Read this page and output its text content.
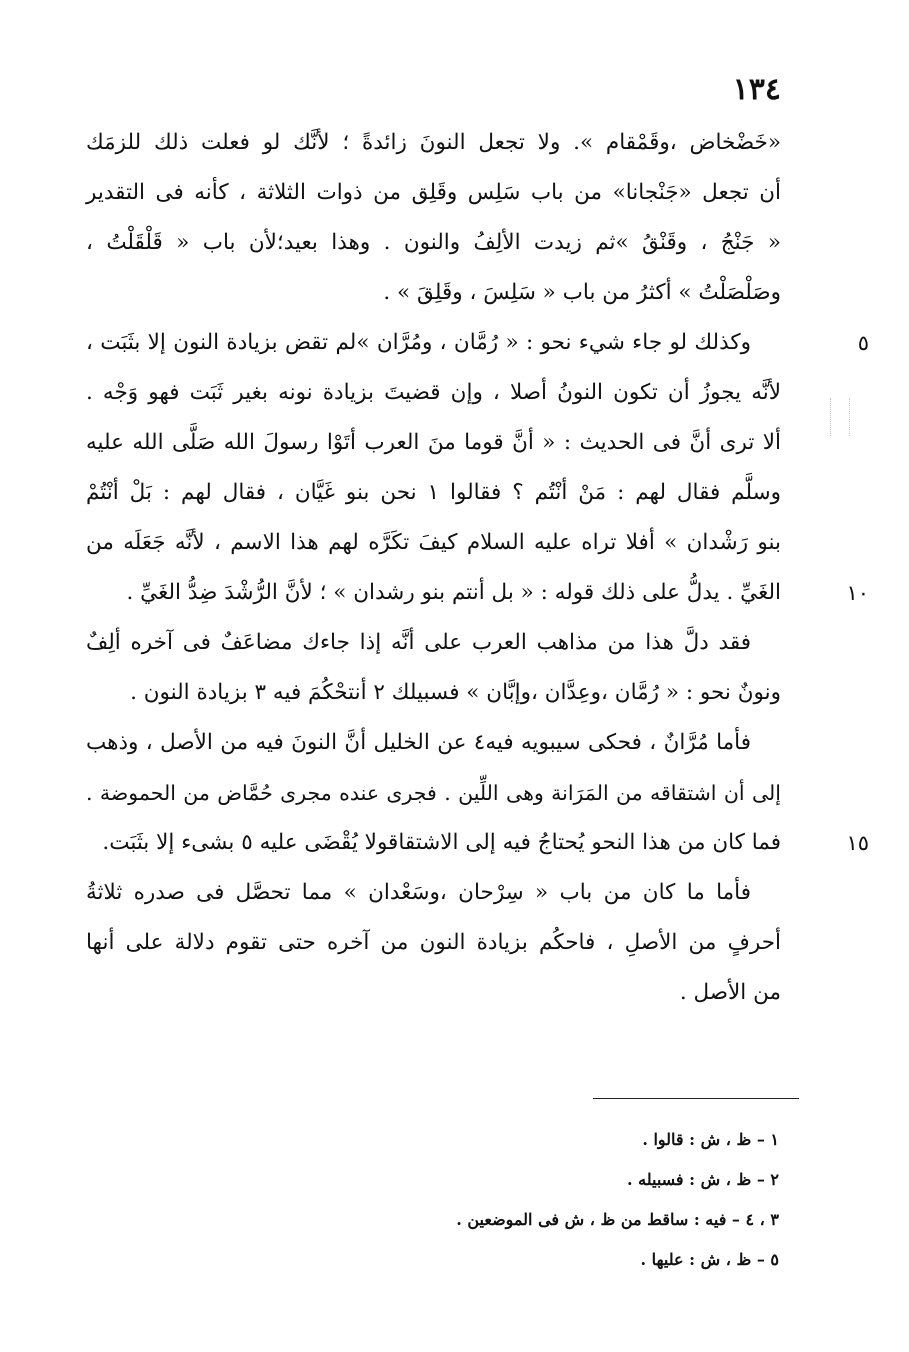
١٣٤
«خَضْخاض ،وقَمْقام ». ولا تجعل النونَ زائدةً ؛ لأنَّك لو فعلت ذلك للزمَك
أن تجعل «جَنْجانا» من باب سَلِس وقَلِق من ذوات الثلاثة ، كأنه فى التقدير
« جَنْجُ ، وقَنْقُ »ثم زيدت الألِفُ والنون . وهذا بعيد؛لأن باب « قَلْقَلْتُ ،
وصَلْصَلْتُ » أكثرُ من باب « سَلِسَ ، وقَلِقَ » .
وكذلك لو جاء شيء نحو : « رُمَّان ، ومُرَّان »لم تقض بزيادة النون إلا بثَبَت ،	٥
لأنَّه يجوزُ أن تكون النونُ أصلا ، وإن قضيتَ بزيادة نونه بغير ثَبَت فهو وَجْه .
ألا ترى أنَّ فى الحديث : « أنَّ قوما منَ العرب أتَوْا رسولَ الله صَلَّى الله عليه
وسلَّم فقال لهم : مَنْ أنْتُم ؟ فقالوا ١ نحن بنو غَيَّان ، فقال لهم : بَلْ أنْتُمْ
بنو رَشْدان » أفلا تراه عليه السلام كيفَ تكَرَّه لهم هذا الاسم ، لأنَّه جَعَلَه من
الغَيِّ . يدلُّ على ذلك قوله : « بل أنتم بنو رشدان » ؛ لأنَّ الرُّشْدَ ضِدُّ الغَيِّ .	١٠
فقد دلَّ هذا من مذاهب العرب على أنَّه إذا جاءك مضاعَفٌ فى آخره ألِفٌ
ونونٌ نحو : « رُمَّان ،وعِدَّان ،وإبَّان » فسبيلك ٢ أنتحْكُمَ فيه ٣ بزيادة النون .
فأما مُرَّانٌ ، فحكى سيبويه فيه٤ عن الخليل أنَّ النونَ فيه من الأصل ، وذهب
إلى أن اشتقاقه من المَرَانة وهى اللِّين . فجرى عنده مجرى حُمَّاض من الحموضة .
فما كان من هذا النحو يُحتاجُ فيه إلى الاشتقاقولا يُقْضَى عليه ٥ بشىء إلا بثَبَت.	١٥
فأما ما كان من باب « سِرْحان ،وسَعْدان » مما تحصَّل فى صدره ثلاثةُ
أحرفٍ من الأصلِ ، فاحكُم بزيادة النون من آخره حتى تقوم دلالة على أنها
من الأصل .
١ – ظ ، ش : قالوا .
٢ – ظ ، ش : فسبيله .
٣ ، ٤ – فيه : ساقط من ظ ، ش فى الموضعين .
٥ – ظ ، ش : عليها .
